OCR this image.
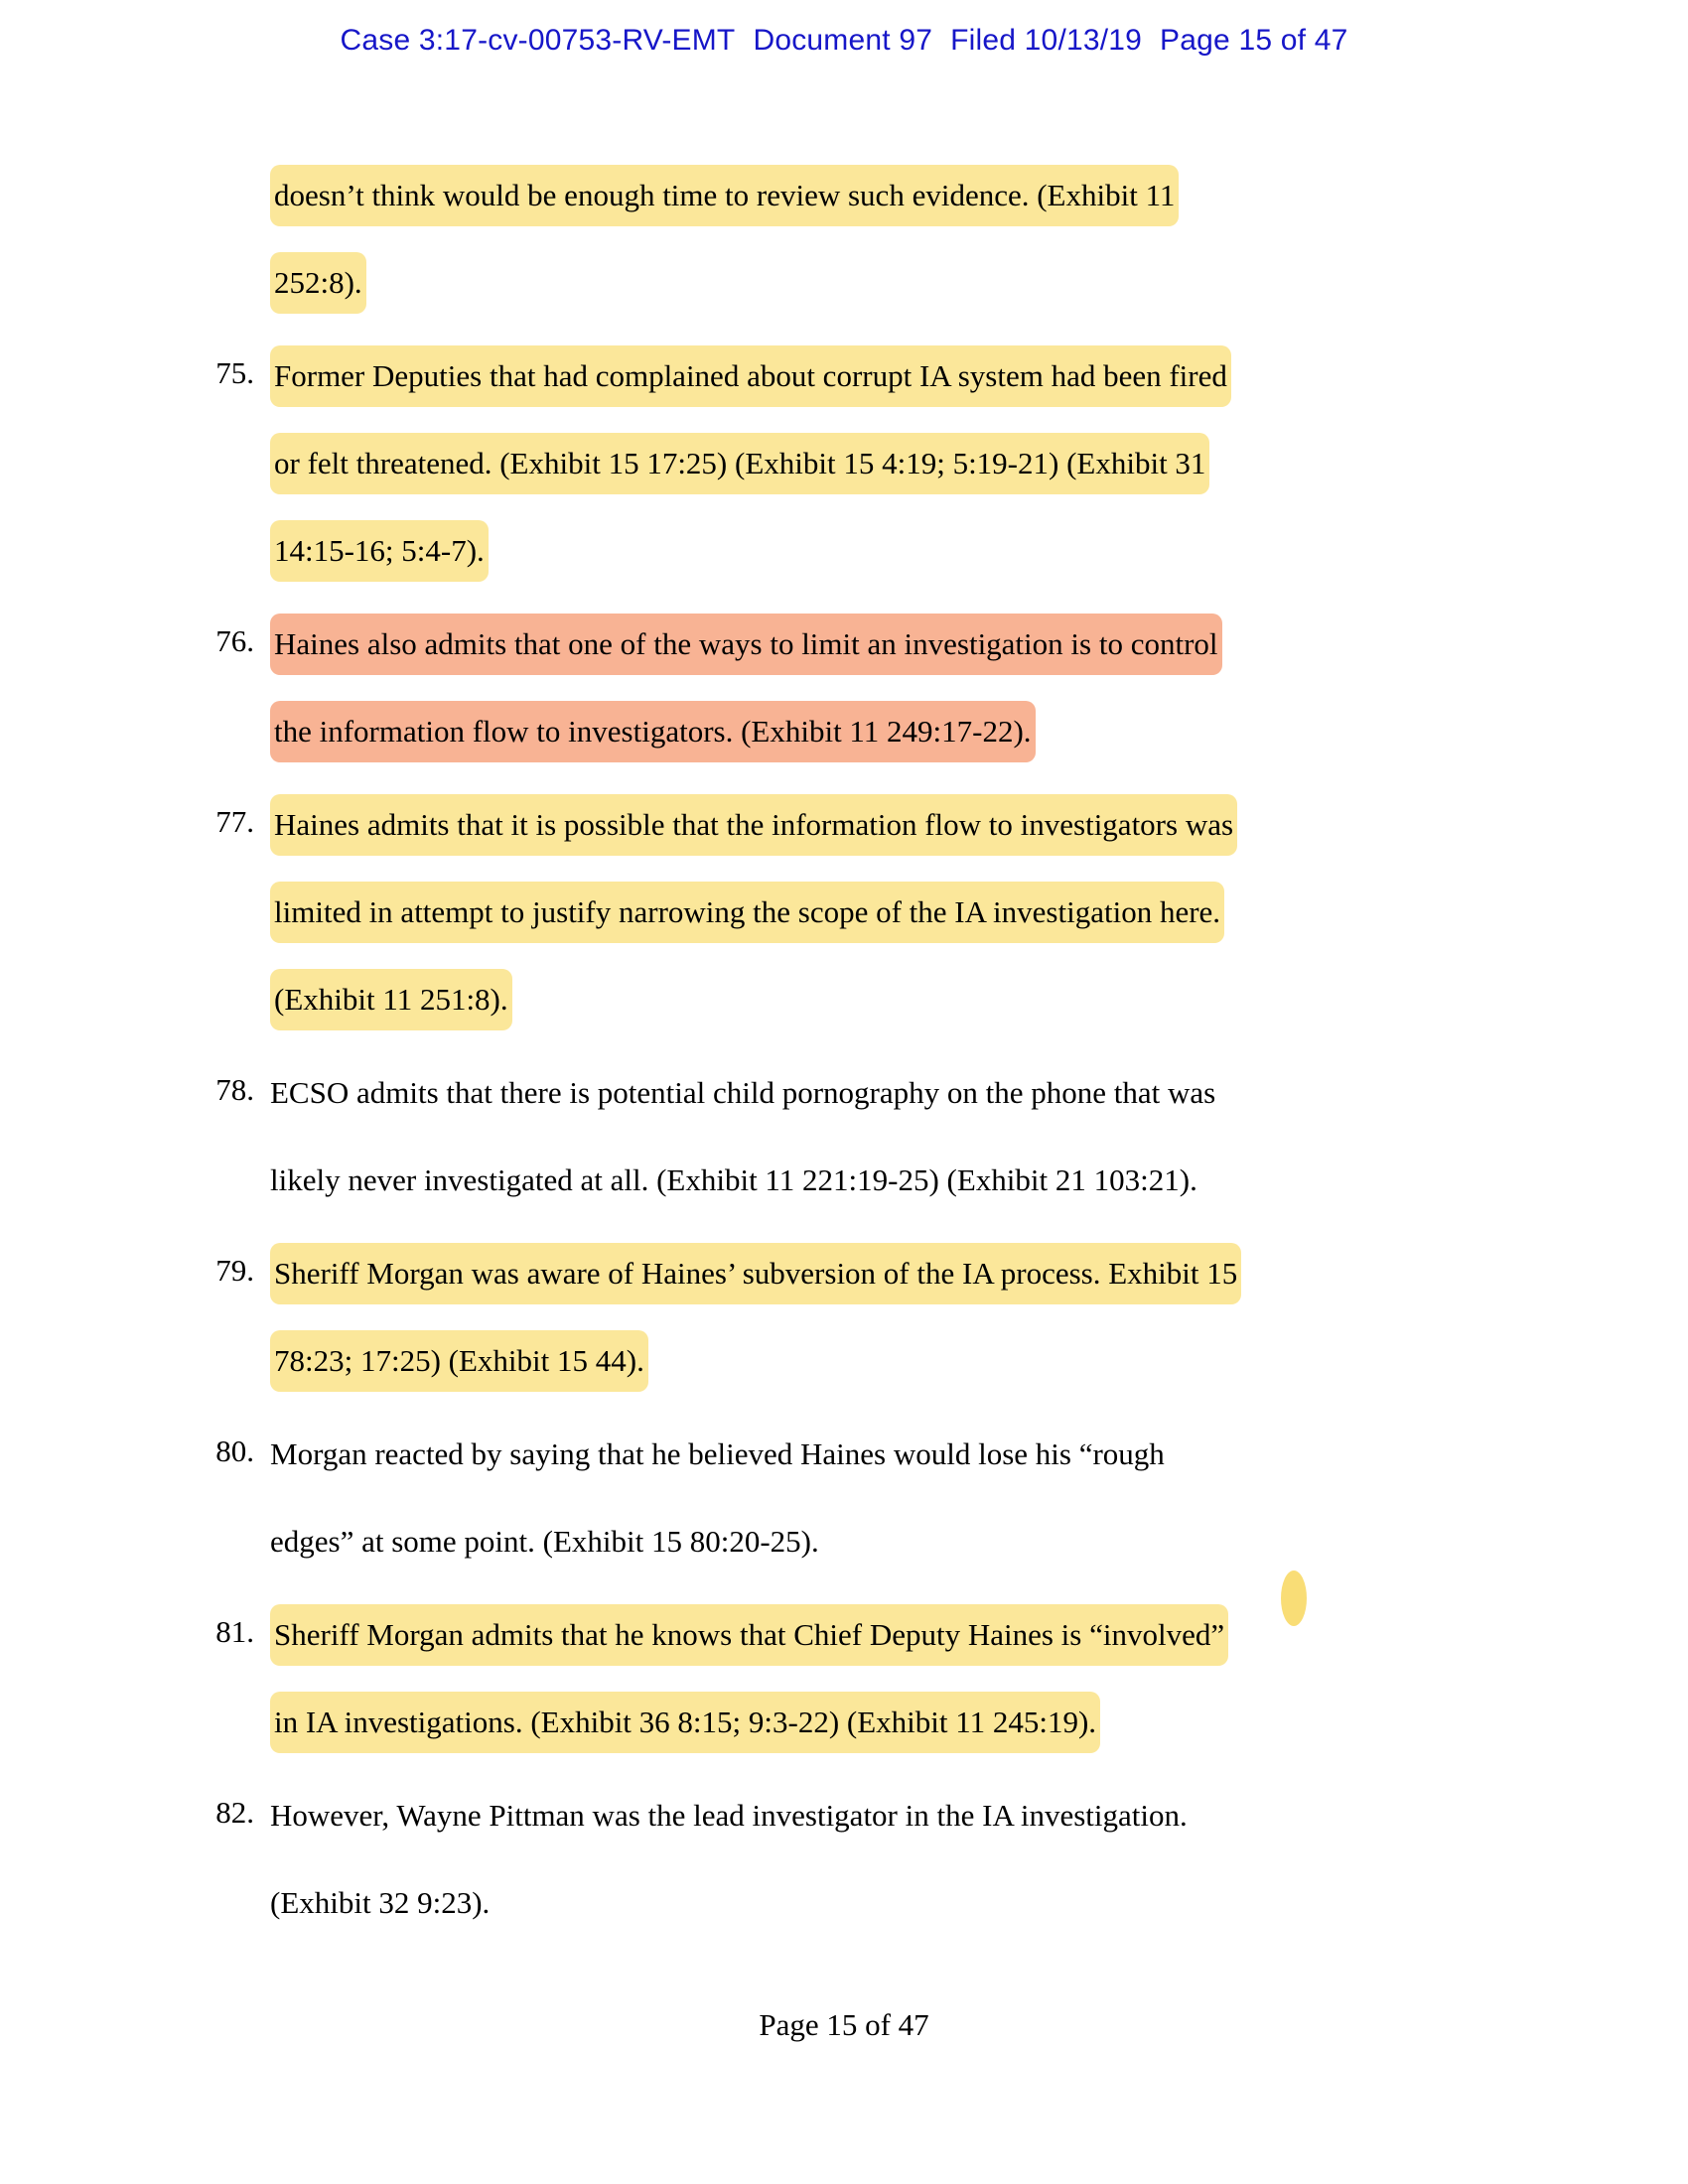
Case 3:17-cv-00753-RV-EMT Document 97 Filed 10/13/19 Page 15 of 47
doesn’t think would be enough time to review such evidence. (Exhibit 11
252:8).
75. Former Deputies that had complained about corrupt IA system had been fired
or felt threatened. (Exhibit 15 17:25) (Exhibit 15 4:19; 5:19-21) (Exhibit 31
14:15-16; 5:4-7).
76. Haines also admits that one of the ways to limit an investigation is to control
the information flow to investigators. (Exhibit 11 249:17-22).
77. Haines admits that it is possible that the information flow to investigators was
limited in attempt to justify narrowing the scope of the IA investigation here.
(Exhibit 11 251:8).
78. ECSO admits that there is potential child pornography on the phone that was
likely never investigated at all. (Exhibit 11 221:19-25) (Exhibit 21 103:21).
79. Sheriff Morgan was aware of Haines’ subversion of the IA process. Exhibit 15
78:23; 17:25) (Exhibit 15 44).
80. Morgan reacted by saying that he believed Haines would lose his “rough
edges” at some point. (Exhibit 15 80:20-25).
81. Sheriff Morgan admits that he knows that Chief Deputy Haines is “involved”
in IA investigations. (Exhibit 36 8:15; 9:3-22) (Exhibit 11 245:19).
82. However, Wayne Pittman was the lead investigator in the IA investigation.
(Exhibit 32 9:23).
Page 15 of 47
